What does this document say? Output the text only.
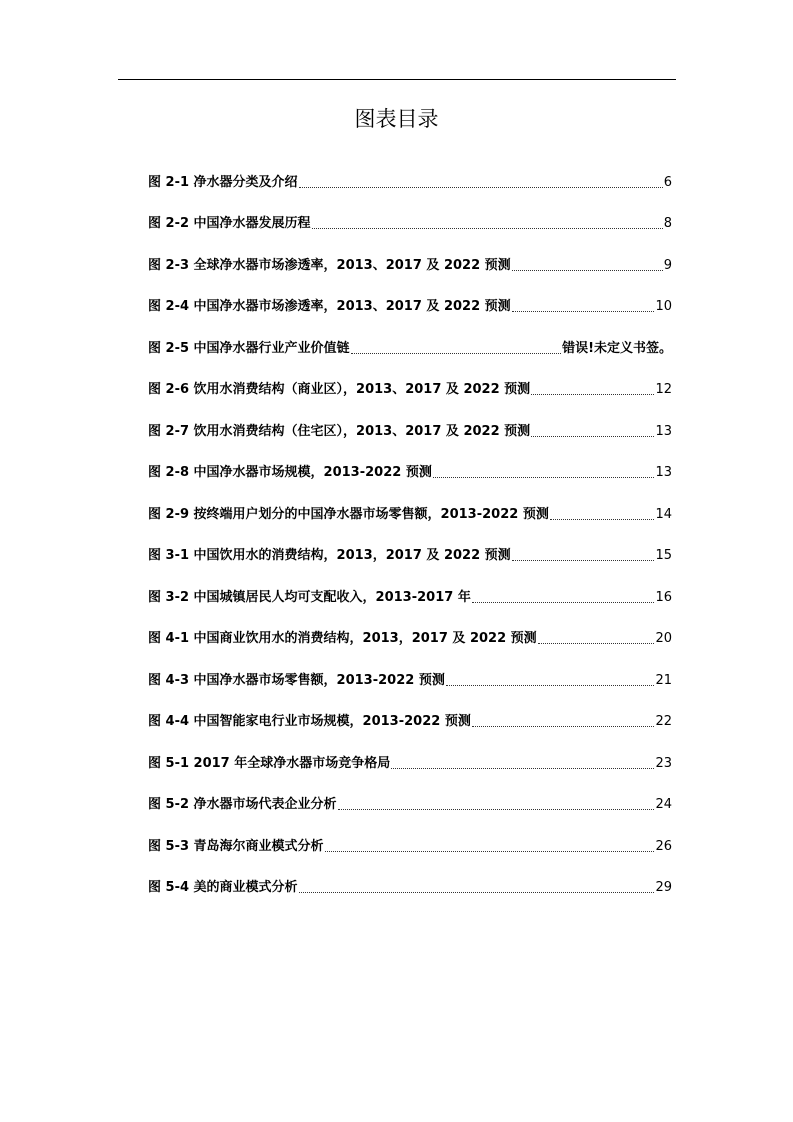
图表目录
图 2-1 净水器分类及介绍	6
图 2-2 中国净水器发展历程	8
图 2-3 全球净水器市场渗透率，2013、2017 及 2022 预测	9
图 2-4 中国净水器市场渗透率，2013、2017 及 2022 预测	10
图 2-5 中国净水器行业产业价值链	错误!未定义书签。
图 2-6 饮用水消费结构（商业区），2013、2017 及 2022 预测	12
图 2-7 饮用水消费结构（住宅区），2013、2017 及 2022 预测	13
图 2-8 中国净水器市场规模，2013-2022 预测	13
图 2-9 按终端用户划分的中国净水器市场零售额，2013-2022 预测	14
图 3-1 中国饮用水的消费结构，2013，2017 及 2022 预测	15
图 3-2 中国城镇居民人均可支配收入，2013-2017 年	16
图 4-1 中国商业饮用水的消费结构，2013，2017 及 2022 预测	20
图 4-3 中国净水器市场零售额，2013-2022 预测	21
图 4-4 中国智能家电行业市场规模，2013-2022 预测	22
图 5-1 2017 年全球净水器市场竞争格局	23
图 5-2 净水器市场代表企业分析	24
图 5-3 青岛海尔商业模式分析	26
图 5-4 美的商业模式分析	29
